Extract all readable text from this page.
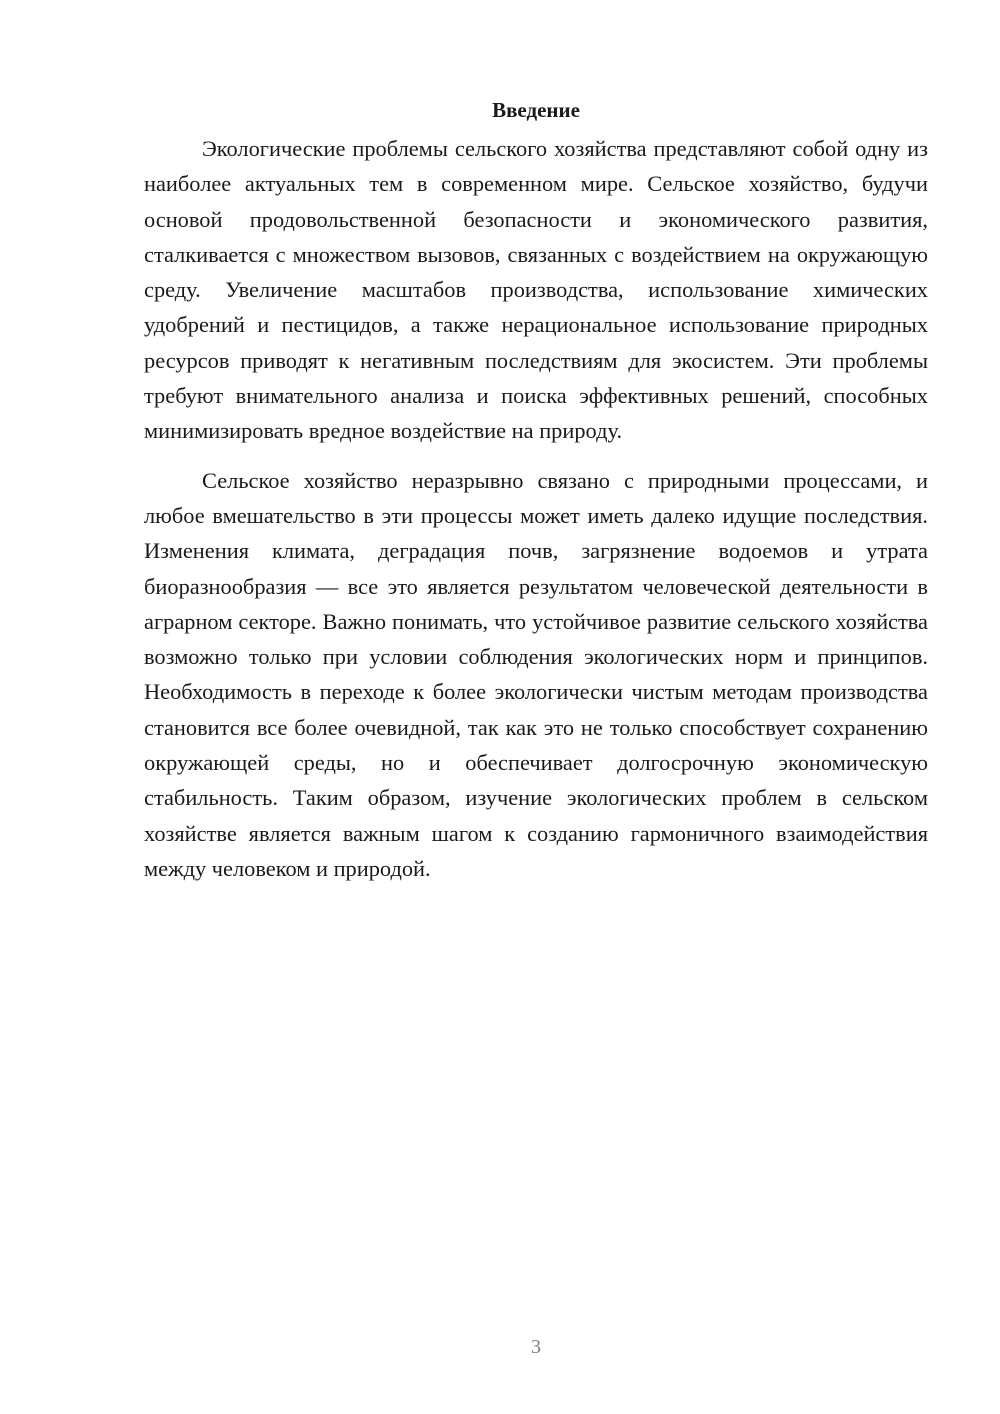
Введение

Экологические проблемы сельского хозяйства представляют собой одну из наиболее актуальных тем в современном мире. Сельское хозяйство, будучи основой продовольственной безопасности и экономического развития, сталкивается с множеством вызовов, связанных с воздействием на окружающую среду. Увеличение масштабов производства, использование химических удобрений и пестицидов, а также нерациональное использование природных ресурсов приводят к негативным последствиям для экосистем. Эти проблемы требуют внимательного анализа и поиска эффективных решений, способных минимизировать вредное воздействие на природу.

Сельское хозяйство неразрывно связано с природными процессами, и любое вмешательство в эти процессы может иметь далеко идущие последствия. Изменения климата, деградация почв, загрязнение водоемов и утрата биоразнообразия — все это является результатом человеческой деятельности в аграрном секторе. Важно понимать, что устойчивое развитие сельского хозяйства возможно только при условии соблюдения экологических норм и принципов. Необходимость в переходе к более экологически чистым методам производства становится все более очевидной, так как это не только способствует сохранению окружающей среды, но и обеспечивает долгосрочную экономическую стабильность. Таким образом, изучение экологических проблем в сельском хозяйстве является важным шагом к созданию гармоничного взаимодействия между человеком и природой.

3
